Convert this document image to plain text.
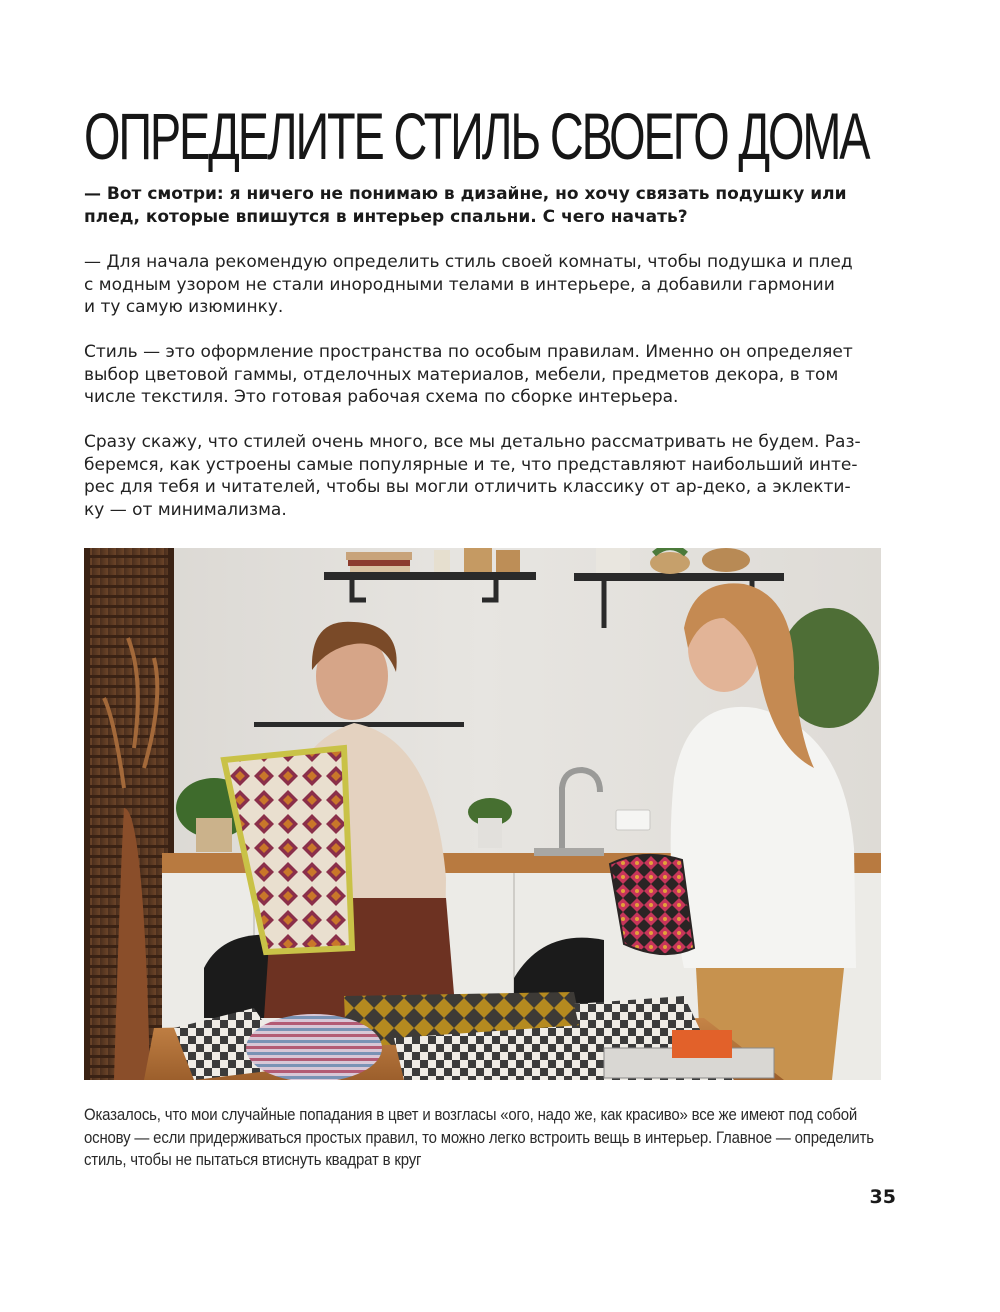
ОПРЕДЕЛИТЕ СТИЛЬ СВОЕГО ДОМА

— Вот смотри: я ничего не понимаю в дизайне, но хочу связать подушку или
плед, которые впишутся в интерьер спальни. С чего начать?

— Для начала рекомендую определить стиль своей комнаты, чтобы подушка и плед
с модным узором не стали инородными телами в интерьере, а добавили гармонии
и ту самую изюминку.

Стиль — это оформление пространства по особым правилам. Именно он определяет
выбор цветовой гаммы, отделочных материалов, мебели, предметов декора, в том
числе текстиля. Это готовая рабочая схема по сборке интерьера.

Сразу скажу, что стилей очень много, все мы детально рассматривать не будем. Раз-
беремся, как устроены самые популярные и те, что представляют наибольший инте-
рес для тебя и читателей, чтобы вы могли отличить классику от ар-деко, а эклекти-
ку — от минимализма.

Оказалось, что мои случайные попадания в цвет и возгласы «ого, надо же, как красиво» все же имеют под собой
основу — если придерживаться простых правил, то можно легко встроить вещь в интерьер. Главное — определить
стиль, чтобы не пытаться втиснуть квадрат в круг

35
